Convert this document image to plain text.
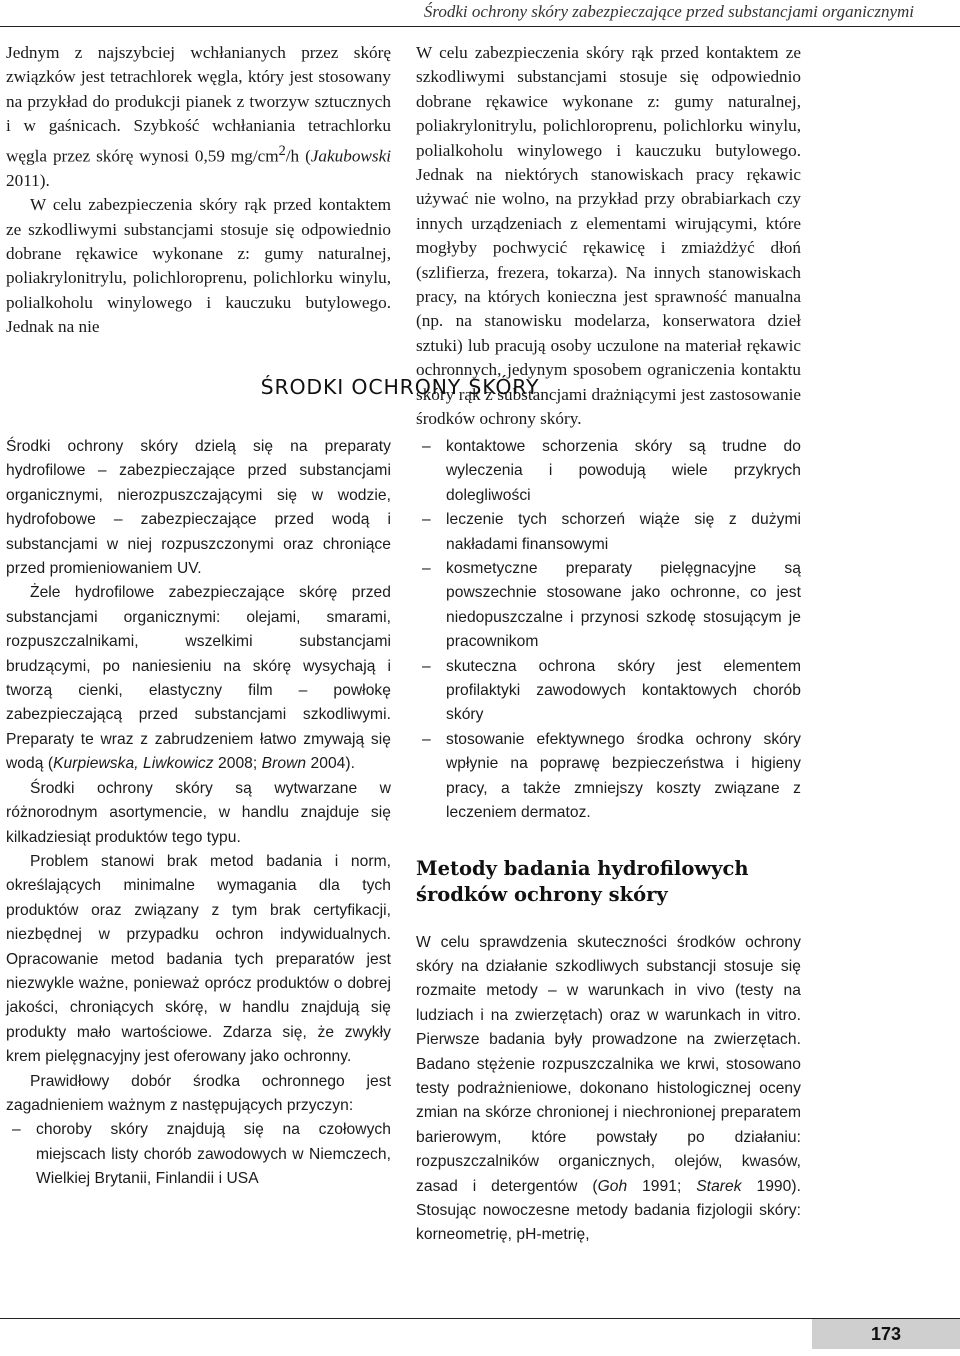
Środki ochrony skóry zabezpieczające przed substancjami organicznymi

Jednym z najszybciej wchłanianych przez skórę związków jest tetrachlorek węgla, który jest stosowany na przykład do produkcji pianek z tworzyw sztucznych i w gaśnicach. Szybkość wchłaniania tetrachlorku węgla przez skórę wynosi 0,59 $mg/cm^2/h$ (Jakubowski 2011).

W celu zabezpieczenia skóry rąk przed kontaktem ze szkodliwymi substancjami stosuje się odpowiednio dobrane rękawice wykonane z: gumy naturalnej, poliakrylonitrylu, polichloroprenu, polichlorku winylu, polialkoholu winylowego i kauczuku butylowego. Jednak na nie

W celu zabezpieczenia skóry rąk przed kontaktem ze szkodliwymi substancjami stosuje się odpowiednio dobrane rękawice wykonane z: gumy naturalnej, poliakrylonitrylu, polichloroprenu, polichlorku winylu, polialkoholu winylowego i kauczuku butylowego. Jednak na niektórych stanowiskach pracy rękawic używać nie wolno, na przykład przy obrabiarkach czy innych urządzeniach z elementami wirującymi, które mogłyby pochwycić rękawicę i zmiażdżyć dłoń (szlifierza, frezera, tokarza). Na innych stanowiskach pracy, na których konieczna jest sprawność manualna (np. na stanowisku modelarza, konserwatora dzieł sztuki) lub pracują osoby uczulone na materiał rękawic ochronnych, jedynym sposobem ograniczenia kontaktu skóry rąk z substancjami drażniącymi jest zastosowanie środków ochrony skóry.

ŚRODKI OCHRONY SKÓRY

Środki ochrony skóry dzielą się na preparaty hydrofilowe – zabezpieczające przed substancjami organicznymi, nierozpuszczającymi się w wodzie, hydrofobowe – zabezpieczające przed wodą i substancjami w niej rozpuszczonymi oraz chroniące przed promieniowaniem UV.

Żele hydrofilowe zabezpieczające skórę przed substancjami organicznymi: olejami, smarami, rozpuszczalnikami, wszelkimi substancjami brudzącymi, po naniesieniu na skórę wysychają i tworzą cienki, elastyczny film – powłokę zabezpieczającą przed substancjami szkodliwymi. Preparaty te wraz z zabrudzeniem łatwo zmywają się wodą (Kurpiewska, Liwkowicz 2008; Brown 2004).

Środki ochrony skóry są wytwarzane w różnorodnym asortymencie, w handlu znajduje się kilkadziesiąt produktów tego typu.

Problem stanowi brak metod badania i norm, określających minimalne wymagania dla tych produktów oraz związany z tym brak certyfikacji, niezbędnej w przypadku ochron indywidualnych. Opracowanie metod badania tych preparatów jest niezwykle ważne, ponieważ oprócz produktów o dobrej jakości, chroniących skórę, w handlu znajdują się produkty mało wartościowe. Zdarza się, że zwykły krem pielęgnacyjny jest oferowany jako ochronny.

Prawidłowy dobór środka ochronnego jest zagadnieniem ważnym z następujących przyczyn:

– choroby skóry znajdują się na czołowych miejscach listy chorób zawodowych w Niemczech, Wielkiej Brytanii, Finlandii i USA
– kontaktowe schorzenia skóry są trudne do wyleczenia i powodują wiele przykrych dolegliwości
– leczenie tych schorzeń wiąże się z dużymi nakładami finansowymi
– kosmetyczne preparaty pielęgnacyjne są powszechnie stosowane jako ochronne, co jest niedopuszczalne i przynosi szkodę stosującym je pracownikom
– skuteczna ochrona skóry jest elementem profilaktyki zawodowych kontaktowych chorób skóry
– stosowanie efektywnego środka ochrony skóry wpłynie na poprawę bezpieczeństwa i higieny pracy, a także zmniejszy koszty związane z leczeniem dermatoz.
Metody badania hydrofilowych środków ochrony skóry

W celu sprawdzenia skuteczności środków ochrony skóry na działanie szkodliwych substancji stosuje się rozmaite metody – w warunkach in vivo (testy na ludziach i na zwierzętach) oraz w warunkach in vitro. Pierwsze badania były prowadzone na zwierzętach. Badano stężenie rozpuszczalnika we krwi, stosowano testy podrażnieniowe, dokonano histologicznej oceny zmian na skórze chronionej i niechronionej preparatem barierowym, które powstały po działaniu: rozpuszczalników organicznych, olejów, kwasów, zasad i detergentów (Goh 1991; Starek 1990). Stosując nowoczesne metody badania fizjologii skóry: korneometrię, pH-metrię,

173
